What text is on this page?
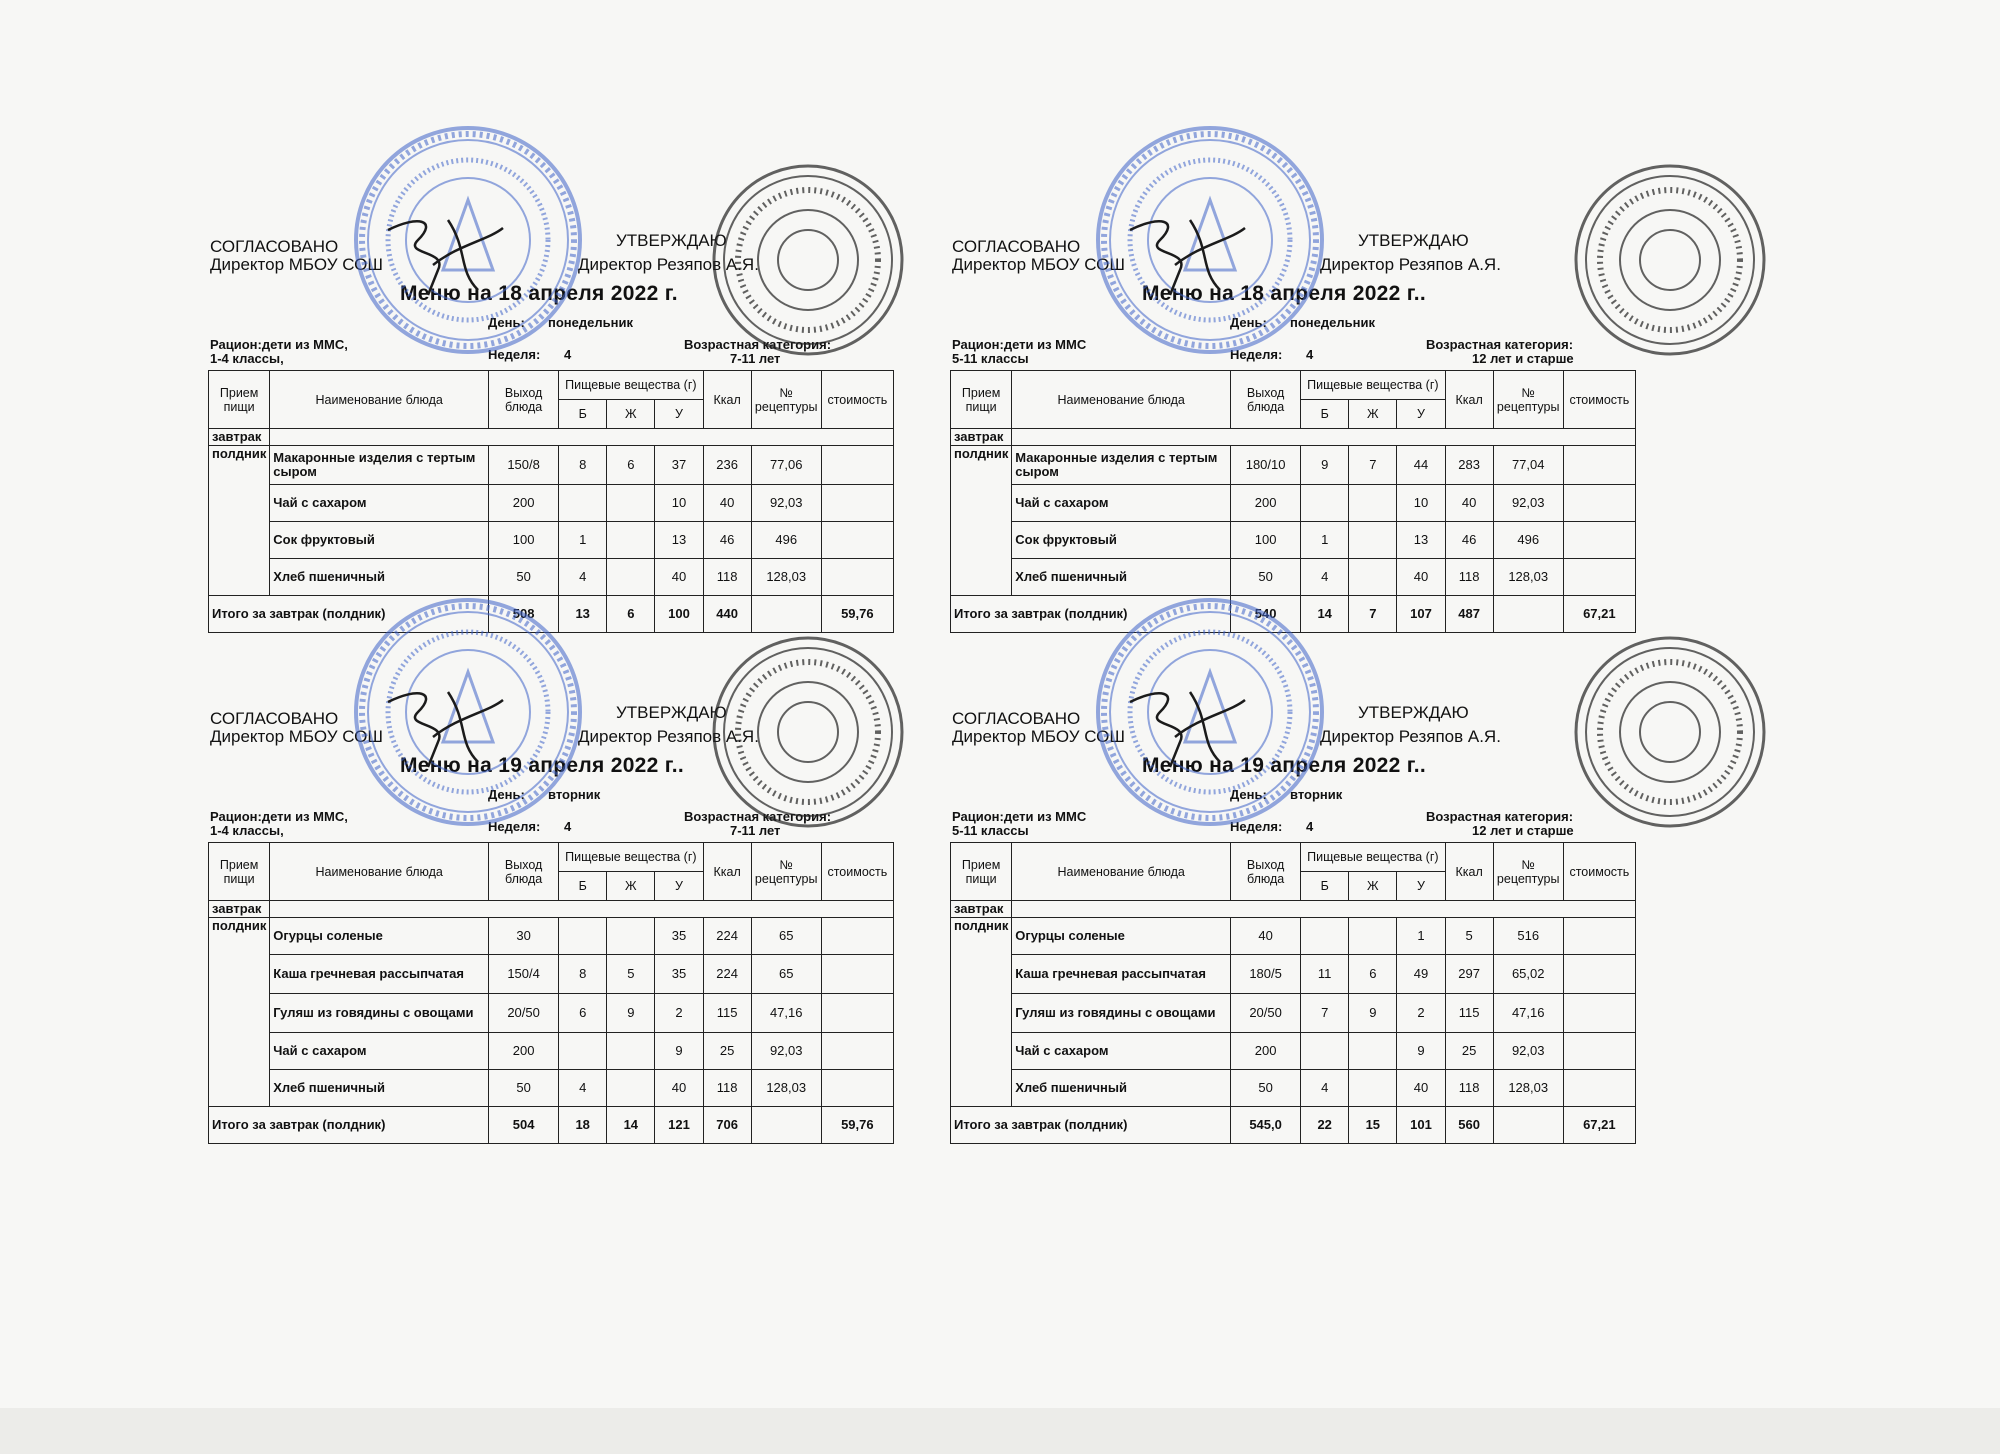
СОГЛАСОВАНО
Директор МБОУ СОШ
УТВЕРЖДАЮ
Директор Резяпов А.Я.
Меню на 18 апреля 2022 г.
День: понедельник
Рацион:дети из ММС,
1-4 классы,	Неделя: 4
Возрастная категория:
7-11 лет
Прием пищи	Наименование блюда	Выход блюда	Пищевые вещества (г)			Ккал	№ рецептуры	стоимость
			Б	Ж	У			
завтрак								
полдник	Макаронные изделия с тертым сыром	150/8	8	6	37	236	77,06	
	Чай с сахаром	200			10	40	92,03	
	Сок фруктовый	100	1		13	46	496	
	Хлеб пшеничный	50	4		40	118	128,03	
Итого за завтрак (полдник)		508	13	6	100	440		59,76
СОГЛАСОВАНО
Директор МБОУ СОШ
УТВЕРЖДАЮ
Директор Резяпов А.Я.
Меню на 18 апреля 2022 г..
День: понедельник
Рацион:дети из ММС
5-11 классы	Неделя: 4
Возрастная категория:
12 лет и старше
Прием пищи	Наименование блюда	Выход блюда	Пищевые вещества (г)			Ккал	№ рецептуры	стоимость
			Б	Ж	У			
завтрак								
полдник	Макаронные изделия с тертым сыром	180/10	9	7	44	283	77,04	
	Чай с сахаром	200			10	40	92,03	
	Сок фруктовый	100	1		13	46	496	
	Хлеб пшеничный	50	4		40	118	128,03	
Итого за завтрак (полдник)		540	14	7	107	487		67,21
СОГЛАСОВАНО
Директор МБОУ СОШ
УТВЕРЖДАЮ
Директор Резяпов А.Я.
Меню на 19 апреля 2022 г..
День: вторник
Рацион:дети из ММС,
1-4 классы,	Неделя: 4
Возрастная категория:
7-11 лет
Прием пищи	Наименование блюда	Выход блюда	Пищевые вещества (г)			Ккал	№ рецептуры	стоимость
			Б	Ж	У			
завтрак								
полдник	Огурцы соленые	30			35	224	65	
	Каша гречневая рассыпчатая	150/4	8	5	35	224	65	
	Гуляш из говядины с овощами	20/50	6	9	2	115	47,16	
	Чай с сахаром	200			9	25	92,03	
	Хлеб пшеничный	50	4		40	118	128,03	
Итого за завтрак (полдник)		504	18	14	121	706		59,76
СОГЛАСОВАНО
Директор МБОУ СОШ
УТВЕРЖДАЮ
Директор Резяпов А.Я.
Меню на 19 апреля 2022 г..
День: вторник
Рацион:дети из ММС
5-11 классы	Неделя: 4
Возрастная категория:
12 лет и старше
Прием пищи	Наименование блюда	Выход блюда	Пищевые вещества (г)			Ккал	№ рецептуры	стоимость
			Б	Ж	У			
завтрак								
полдник	Огурцы соленые	40			1	5	516	
	Каша гречневая рассыпчатая	180/5	11	6	49	297	65,02	
	Гуляш из говядины с овощами	20/50	7	9	2	115	47,16	
	Чай с сахаром	200			9	25	92,03	
	Хлеб пшеничный	50	4		40	118	128,03	
Итого за завтрак (полдник)		545,0	22	15	101	560		67,21
